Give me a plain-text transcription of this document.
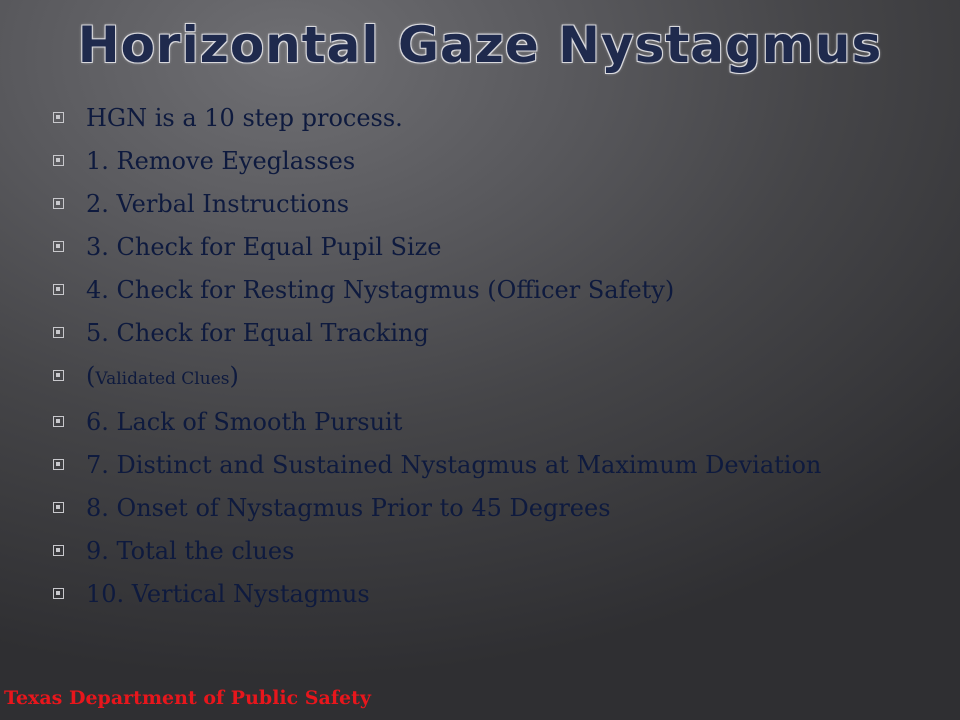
Horizontal Gaze Nystagmus
HGN is a 10 step process.
1. Remove Eyeglasses
2. Verbal Instructions
3. Check for Equal Pupil Size
4. Check for Resting Nystagmus (Officer Safety)
5. Check for Equal Tracking
(Validated Clues)
6. Lack of Smooth Pursuit
7. Distinct and Sustained Nystagmus at Maximum Deviation
8. Onset of Nystagmus Prior to 45 Degrees
9. Total the clues
10. Vertical Nystagmus
Texas Department of Public Safety
